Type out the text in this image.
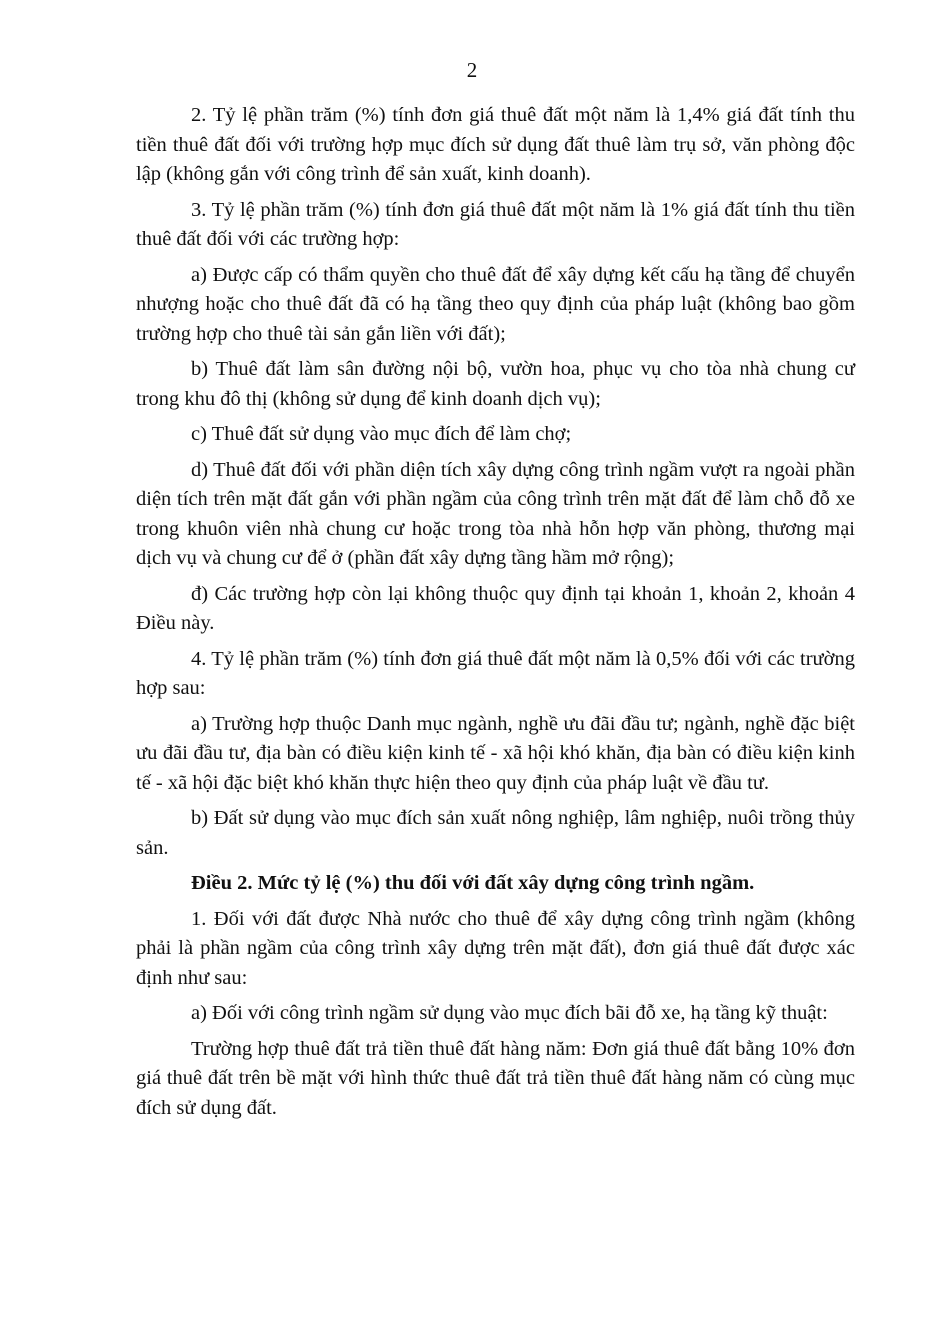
2

2. Tỷ lệ phần trăm (%) tính đơn giá thuê đất một năm là 1,4% giá đất tính thu tiền thuê đất đối với trường hợp mục đích sử dụng đất thuê làm trụ sở, văn phòng độc lập (không gắn với công trình để sản xuất, kinh doanh).

3. Tỷ lệ phần trăm (%) tính đơn giá thuê đất một năm là 1% giá đất tính thu tiền thuê đất đối với các trường hợp:

a) Được cấp có thẩm quyền cho thuê đất để xây dựng kết cấu hạ tầng để chuyển nhượng hoặc cho thuê đất đã có hạ tầng theo quy định của pháp luật (không bao gồm trường hợp cho thuê tài sản gắn liền với đất);

b) Thuê đất làm sân đường nội bộ, vườn hoa, phục vụ cho tòa nhà chung cư trong khu đô thị (không sử dụng để kinh doanh dịch vụ);

c) Thuê đất sử dụng vào mục đích để làm chợ;

d) Thuê đất đối với phần diện tích xây dựng công trình ngầm vượt ra ngoài phần diện tích trên mặt đất gắn với phần ngầm của công trình trên mặt đất để làm chỗ đỗ xe trong khuôn viên nhà chung cư hoặc trong tòa nhà hỗn hợp văn phòng, thương mại dịch vụ và chung cư để ở (phần đất xây dựng tầng hầm mở rộng);

đ) Các trường hợp còn lại không thuộc quy định tại khoản 1, khoản 2, khoản 4 Điều này.

4. Tỷ lệ phần trăm (%) tính đơn giá thuê đất một năm là 0,5% đối với các trường hợp sau:

a) Trường hợp thuộc Danh mục ngành, nghề ưu đãi đầu tư; ngành, nghề đặc biệt ưu đãi đầu tư, địa bàn có điều kiện kinh tế - xã hội khó khăn, địa bàn có điều kiện kinh tế - xã hội đặc biệt khó khăn thực hiện theo quy định của pháp luật về đầu tư.

b) Đất sử dụng vào mục đích sản xuất nông nghiệp, lâm nghiệp, nuôi trồng thủy sản.

Điều 2. Mức tỷ lệ (%) thu đối với đất xây dựng công trình ngầm.

1. Đối với đất được Nhà nước cho thuê để xây dựng công trình ngầm (không phải là phần ngầm của công trình xây dựng trên mặt đất), đơn giá thuê đất được xác định như sau:

a) Đối với công trình ngầm sử dụng vào mục đích bãi đỗ xe, hạ tầng kỹ thuật:

Trường hợp thuê đất trả tiền thuê đất hàng năm: Đơn giá thuê đất bằng 10% đơn giá thuê đất trên bề mặt với hình thức thuê đất trả tiền thuê đất hàng năm có cùng mục đích sử dụng đất.
